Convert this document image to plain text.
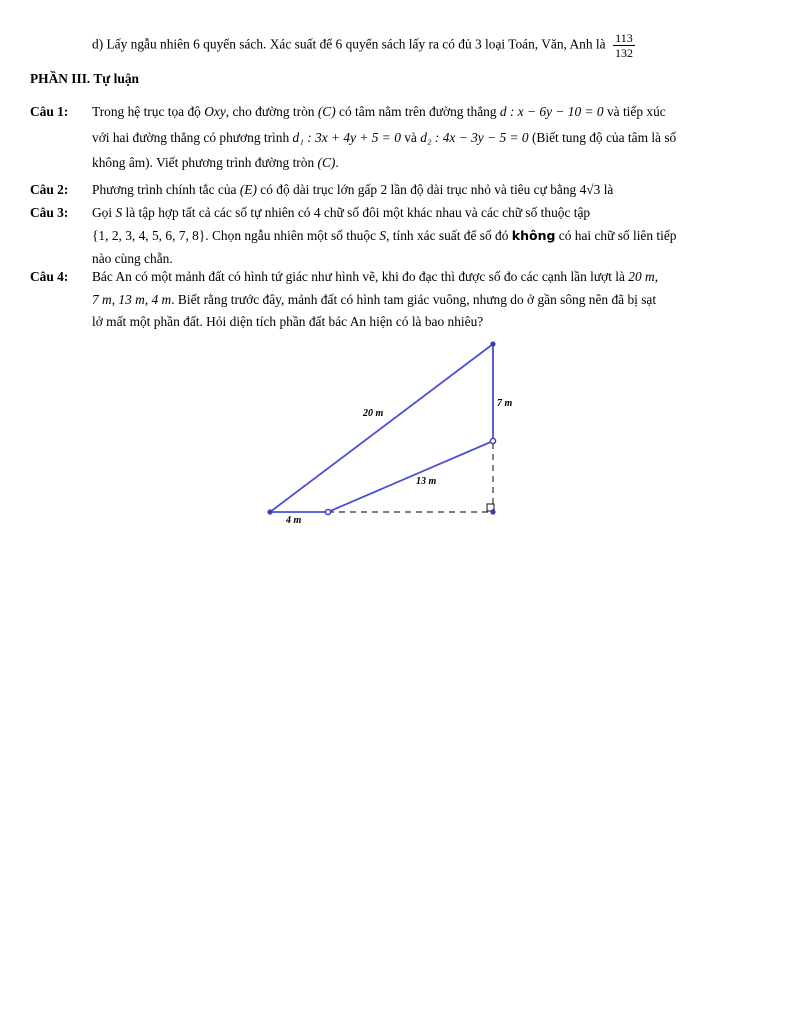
d) Lấy ngẫu nhiên 6 quyển sách. Xác suất để 6 quyển sách lấy ra có đủ 3 loại Toán, Văn, Anh là $\frac{113}{132}$
PHẦN III. Tự luận
Câu 1: Trong hệ trục tọa độ Oxy, cho đường tròn (C) có tâm nằm trên đường thẳng d : x − 6y − 10 = 0 và tiếp xúc
với hai đường thẳng có phương trình d₁ : 3x + 4y + 5 = 0 và d₂ : 4x − 3y − 5 = 0 (Biết tung độ của tâm là số
không âm). Viết phương trình đường tròn (C).
Câu 2: Phương trình chính tắc của (E) có độ dài trục lớn gấp 2 lần độ dài trục nhỏ và tiêu cự bằng 4√3 là
Câu 3: Gọi S là tập hợp tất cả các số tự nhiên có 4 chữ số đôi một khác nhau và các chữ số thuộc tập
{1, 2, 3, 4, 5, 6, 7, 8}. Chọn ngẫu nhiên một số thuộc S, tính xác suất để số đó không có hai chữ số liên tiếp
nào cùng chẵn.
Câu 4: Bác An có một mảnh đất có hình tứ giác như hình vẽ, khi đo đạc thì được số đo các cạnh lần lượt là 20 m,
7 m, 13 m, 4 m. Biết rằng trước đây, mảnh đất có hình tam giác vuông, nhưng do ở gần sông nên đã bị sạt
lở mất một phần đất. Hỏi diện tích phần đất bác An hiện có là bao nhiêu?
20 m
7 m
13 m
4 m
